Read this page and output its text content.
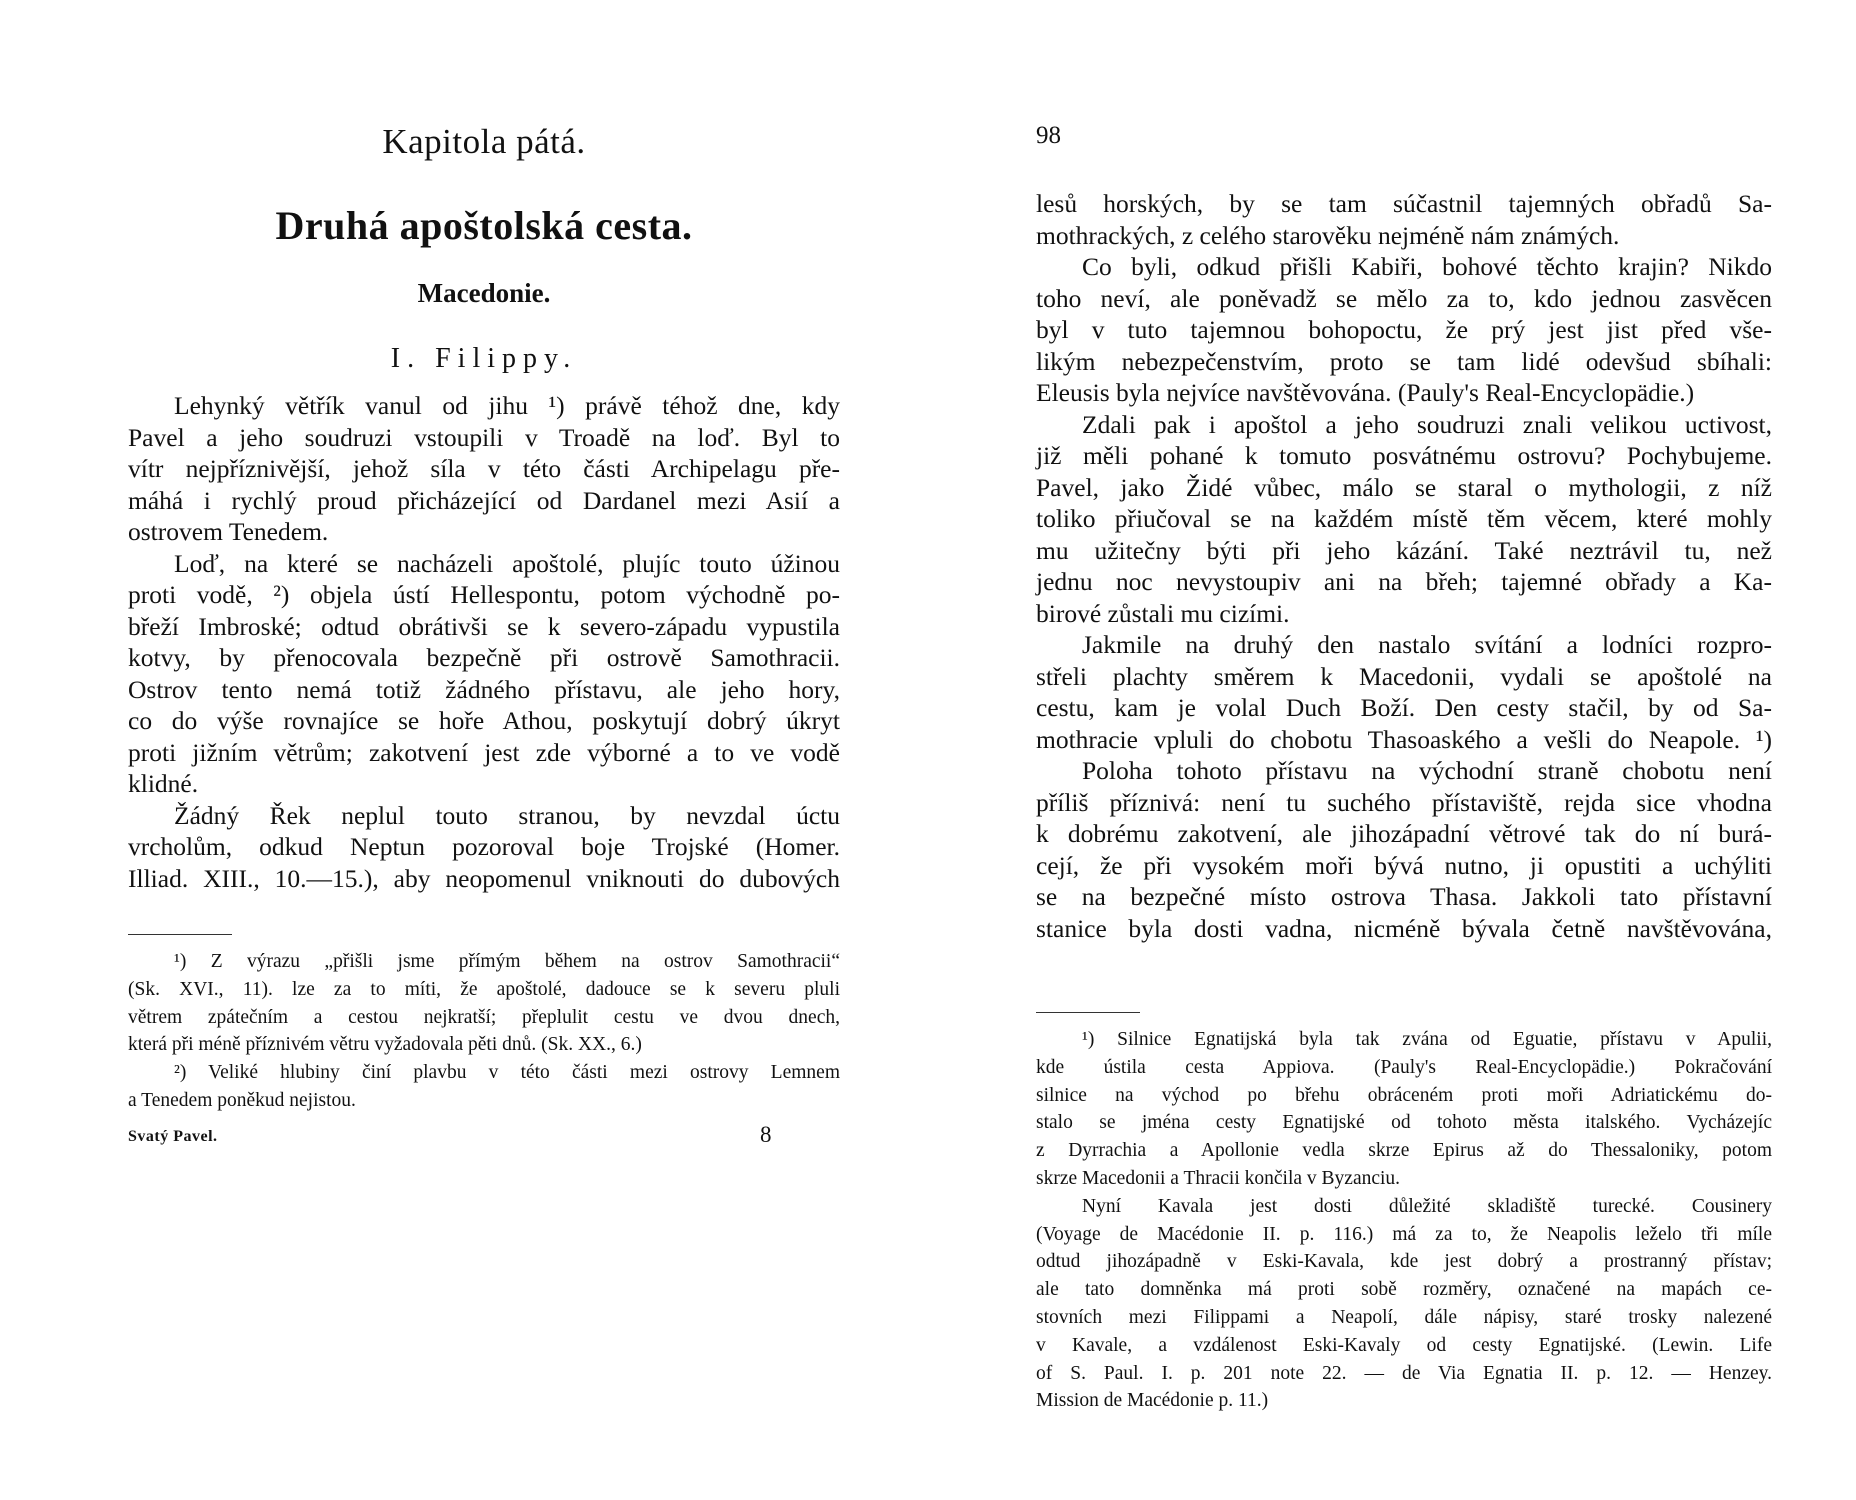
Kapitola pátá.
Druhá apoštolská cesta.
Macedonie.
I. Filippy.
Lehynký větřík vanul od jihu ¹) právě téhož dne, kdy
Pavel a jeho soudruzi vstoupili v Troadě na loď. Byl to
vítr nejpříznivější, jehož síla v této části Archipelagu pře-
máhá i rychlý proud přicházející od Dardanel mezi Asií a
ostrovem Tenedem.
Loď, na které se nacházeli apoštolé, plujíc touto úžinou
proti vodě, ²) objela ústí Hellespontu, potom východně po-
břeží Imbroské; odtud obrátivši se k severo-západu vypustila
kotvy, by přenocovala bezpečně při ostrově Samothracii.
Ostrov tento nemá totiž žádného přístavu, ale jeho hory,
co do výše rovnajíce se hoře Athou, poskytují dobrý úkryt
proti jižním větrům; zakotvení jest zde výborné a to ve vodě
klidné.
Žádný Řek neplul touto stranou, by nevzdal úctu
vrcholům, odkud Neptun pozoroval boje Trojské (Homer.
Illiad. XIII., 10.—15.), aby neopomenul vniknouti do dubových
¹) Z výrazu „přišli jsme přímým během na ostrov Samothracii“
(Sk. XVI., 11). lze za to míti, že apoštolé, dadouce se k severu pluli
větrem zpátečním a cestou nejkratší; přeplulit cestu ve dvou dnech,
která při méně příznivém větru vyžadovala pěti dnů. (Sk. XX., 6.)
²) Veliké hlubiny činí plavbu v této části mezi ostrovy Lemnem
a Tenedem poněkud nejistou.
Svatý Pavel.	8
98
lesů horských, by se tam súčastnil tajemných obřadů Sa-
mothrackých, z celého starověku nejméně nám známých.
Co byli, odkud přišli Kabiři, bohové těchto krajin? Nikdo
toho neví, ale poněvadž se mělo za to, kdo jednou zasvěcen
byl v tuto tajemnou bohopoctu, že prý jest jist před vše-
likým nebezpečenstvím, proto se tam lidé odevšud sbíhali:
Eleusis byla nejvíce navštěvována. (Pauly's Real-Encyclopädie.)
Zdali pak i apoštol a jeho soudruzi znali velikou uctivost,
již měli pohané k tomuto posvátnému ostrovu? Pochybujeme.
Pavel, jako Židé vůbec, málo se staral o mythologii, z níž
toliko přiučoval se na každém místě těm věcem, které mohly
mu užitečny býti při jeho kázání. Také neztrávil tu, než
jednu noc nevystoupiv ani na břeh; tajemné obřady a Ka-
birové zůstali mu cizími.
Jakmile na druhý den nastalo svítání a lodníci rozpro-
střeli plachty směrem k Macedonii, vydali se apoštolé na
cestu, kam je volal Duch Boží. Den cesty stačil, by od Sa-
mothracie vpluli do chobotu Thasoaského a vešli do Neapole. ¹)
Poloha tohoto přístavu na východní straně chobotu není
příliš příznivá: není tu suchého přístaviště, rejda sice vhodna
k dobrému zakotvení, ale jihozápadní větrové tak do ní burá-
cejí, že při vysokém moři bývá nutno, ji opustiti a uchýliti
se na bezpečné místo ostrova Thasa. Jakkoli tato přístavní
stanice byla dosti vadna, nicméně bývala četně navštěvována,
¹) Silnice Egnatijská byla tak zvána od Eguatie, přístavu v Apulii,
kde ústila cesta Appiova. (Pauly's Real-Encyclopädie.) Pokračování
silnice na východ po břehu obráceném proti moři Adriatickému do-
stalo se jména cesty Egnatijské od tohoto města italského. Vycházejíc
z Dyrrachia a Apollonie vedla skrze Epirus až do Thessaloniky, potom
skrze Macedonii a Thracii končila v Byzanciu.
Nyní Kavala jest dosti důležité skladiště turecké. Cousinery
(Voyage de Macédonie II. p. 116.) má za to, že Neapolis leželo tři míle
odtud jihozápadně v Eski-Kavala, kde jest dobrý a prostranný přístav;
ale tato domněnka má proti sobě rozměry, označené na mapách ce-
stovních mezi Filippami a Neapolí, dále nápisy, staré trosky nalezené
v Kavale, a vzdálenost Eski-Kavaly od cesty Egnatijské. (Lewin. Life
of S. Paul. I. p. 201 note 22. — de Via Egnatia II. p. 12. — Henzey.
Mission de Macédonie p. 11.)
